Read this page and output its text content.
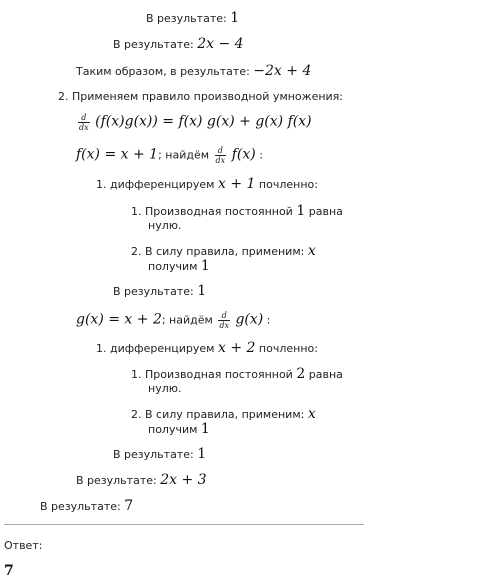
В результате: 1
В результате: 2x − 4
Таким образом, в результате: −2x + 4
2. Применяем правило производной умножения:
$\frac{d}{dx} (f(x)g(x)) = f(x) g(x) + g(x)$ f(x)
f(x) = x + 1; найдём $\frac{d}{dx} f(x)$ :
1. дифференцируем x + 1 почленно:
1. Производная постоянной 1 равна
нулю.
2. В силу правила, применим: x
получим 1
В результате: 1
g(x) = x + 2; найдём $\frac{d}{dx} g(x)$ :
1. дифференцируем x + 2 почленно:
1. Производная постоянной 2 равна
нулю.
2. В силу правила, применим: x
получим 1
В результате: 1
В результате: 2x + 3
В результате: 7
Ответ:
7
